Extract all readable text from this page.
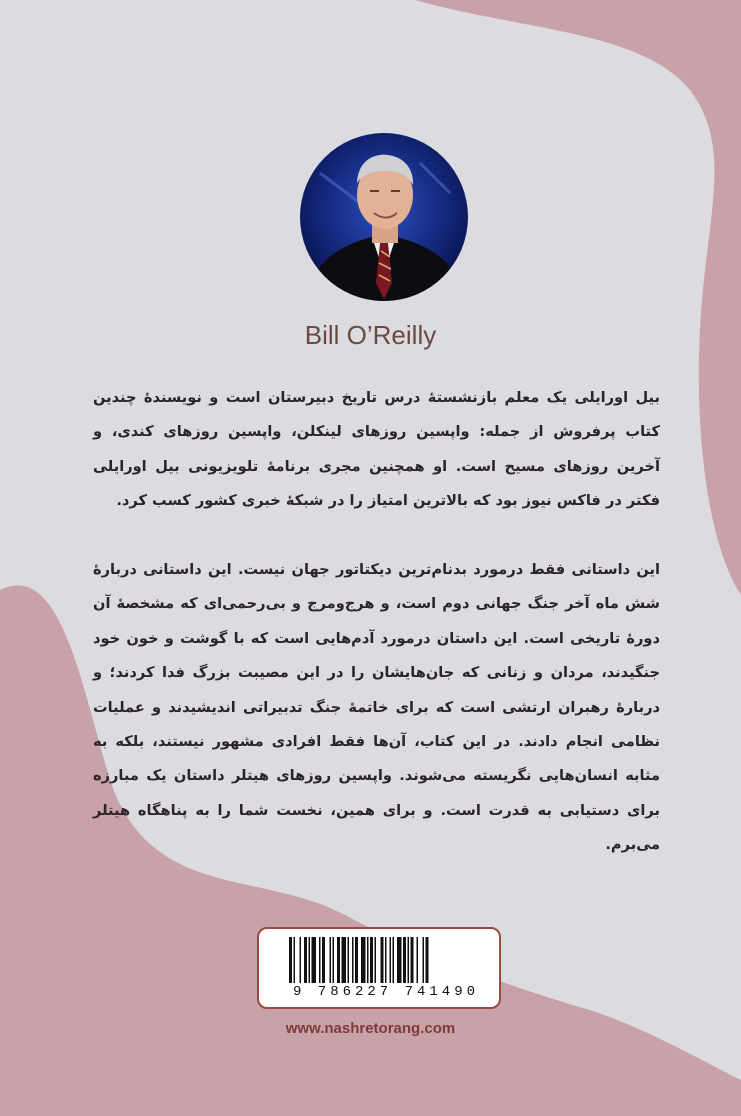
Bill O’Reilly

بیل اورایلی یک معلم بازنشستهٔ درس تاریخ دبیرستان است و نویسندهٔ چندین کتاب پرفروش از جمله: واپسین روزهای لینکلن، واپسین روزهای کندی، و آخرین روزهای مسیح است. او همچنین مجری برنامهٔ تلویزیونی بیل اورایلی فکتر در فاکس نیوز بود که بالاترین امتیاز را در شبکهٔ خبری کشور کسب کرد.

این داستانی فقط درمورد بدنام‌ترین دیکتاتور جهان نیست. این داستانی دربارهٔ شش ماه آخر جنگ جهانی دوم است، و هرج‌ومرج و بی‌رحمی‌ای که مشخصهٔ آن دورهٔ تاریخی است. این داستان درمورد آدم‌هایی است که با گوشت و خون خود جنگیدند، مردان و زنانی که جان‌هایشان را در این مصیبت بزرگ فدا کردند؛ و دربارهٔ رهبران ارتشی است که برای خاتمهٔ جنگ تدبیراتی اندیشیدند و عملیات نظامی انجام دادند. در این کتاب، آن‌ها فقط افرادی مشهور نیستند، بلکه به مثابه انسان‌هایی نگریسته می‌شوند. واپسین روزهای هیتلر داستان یک مبارزه برای دستیابی به قدرت است. و برای همین، نخست شما را به پناهگاه هیتلر می‌برم.

9 786227 741490
www.nashretorang.com
